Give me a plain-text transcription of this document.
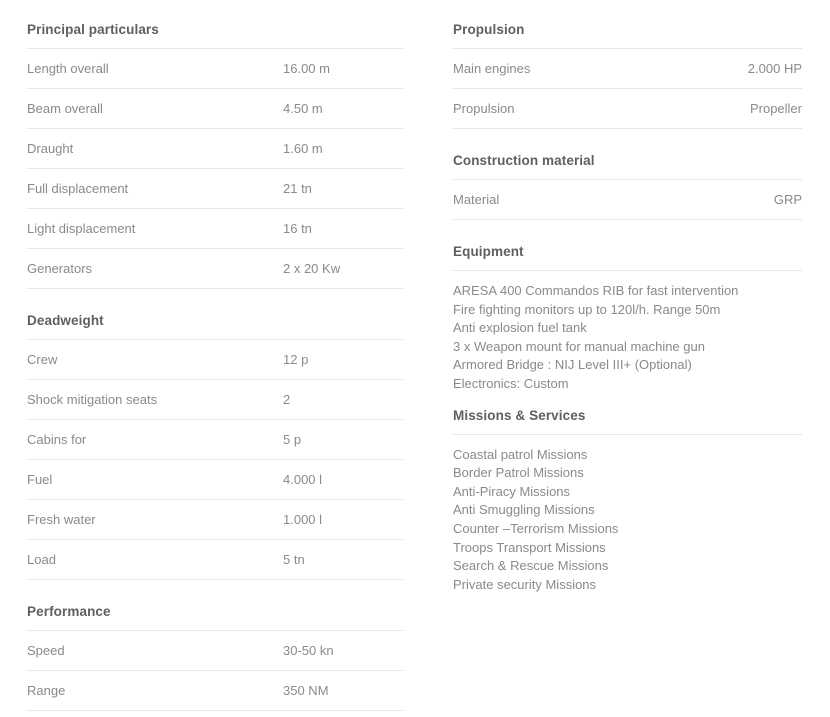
Principal particulars
Length overall	16.00 m
Beam overall	4.50 m
Draught	1.60 m
Full displacement	21 tn
Light displacement	16 tn
Generators	2 x 20 Kw
Deadweight
Crew	12 p
Shock mitigation seats	2
Cabins for	5 p
Fuel	4.000 l
Fresh water	1.000 l
Load	5 tn
Performance
Speed	30-50 kn
Range	350 NM
Propulsion
Main engines	2.000 HP
Propulsion	Propeller
Construction material
Material	GRP
Equipment
ARESA 400 Commandos RIB for fast intervention
Fire fighting monitors up to 120l/h. Range 50m
Anti explosion fuel tank
3 x Weapon mount for manual machine gun
Armored Bridge : NIJ Level III+ (Optional)
Electronics: Custom
Missions & Services
Coastal patrol Missions
Border Patrol Missions
Anti-Piracy Missions
Anti Smuggling Missions
Counter –Terrorism Missions
Troops Transport Missions
Search & Rescue Missions
Private security Missions
